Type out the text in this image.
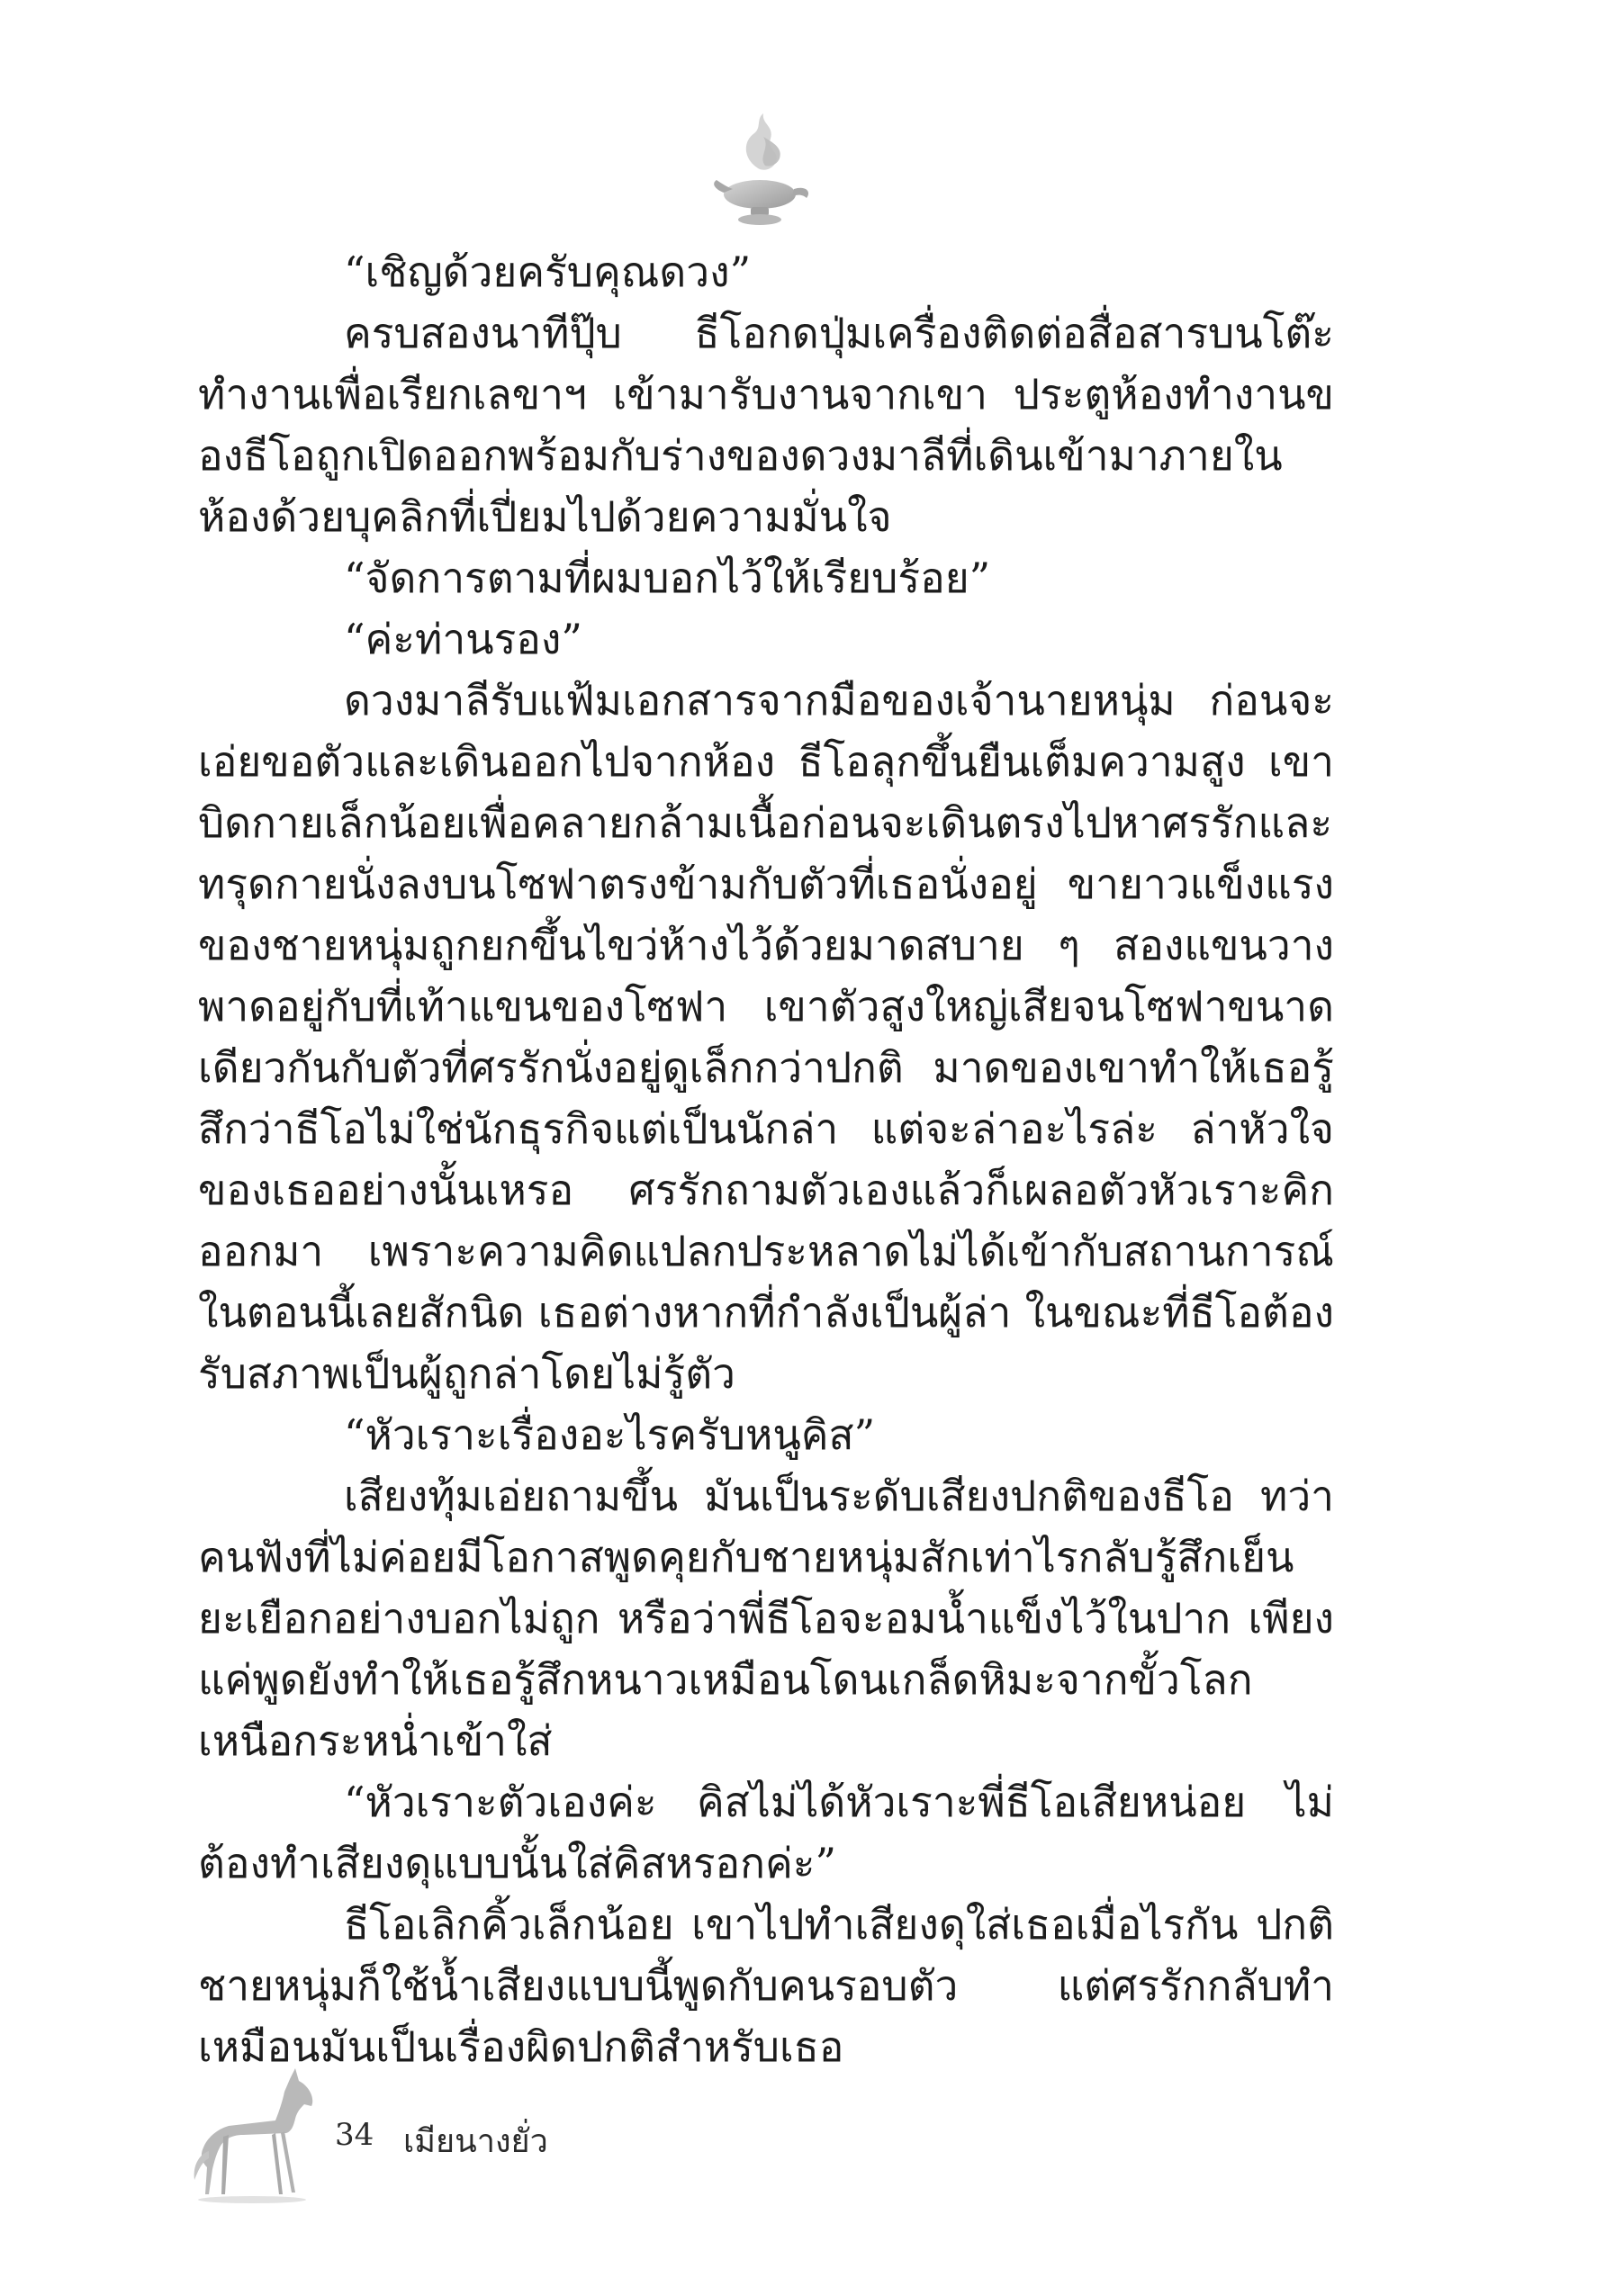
“เชิญด้วยครับคุณดวง”

ครบสองนาทีปุ๊บ ธีโอกดปุ่มเครื่องติดต่อสื่อสารบนโต๊ะทำงานเพื่อเรียกเลขาฯ เข้ามารับงานจากเขา ประตูห้องทำงานของธีโอถูกเปิดออกพร้อมกับร่างของดวงมาลีที่เดินเข้ามาภายในห้องด้วยบุคลิกที่เปี่ยมไปด้วยความมั่นใจ

“จัดการตามที่ผมบอกไว้ให้เรียบร้อย”

“ค่ะท่านรอง”

ดวงมาลีรับแฟ้มเอกสารจากมือของเจ้านายหนุ่ม ก่อนจะเอ่ยขอตัวและเดินออกไปจากห้อง ธีโอลุกขึ้นยืนเต็มความสูง เขาบิดกายเล็กน้อยเพื่อคลายกล้ามเนื้อก่อนจะเดินตรงไปหาศรรักและทรุดกายนั่งลงบนโซฟาตรงข้ามกับตัวที่เธอนั่งอยู่ ขายาวแข็งแรงของชายหนุ่มถูกยกขึ้นไขว่ห้างไว้ด้วยมาดสบาย ๆ สองแขนวางพาดอยู่กับที่เท้าแขนของโซฟา เขาตัวสูงใหญ่เสียจนโซฟาขนาดเดียวกันกับตัวที่ศรรักนั่งอยู่ดูเล็กกว่าปกติ มาดของเขาทำให้เธอรู้สึกว่าธีโอไม่ใช่นักธุรกิจแต่เป็นนักล่า แต่จะล่าอะไรล่ะ ล่าหัวใจของเธออย่างนั้นเหรอ ศรรักถามตัวเองแล้วก็เผลอตัวหัวเราะคิกออกมา เพราะความคิดแปลกประหลาดไม่ได้เข้ากับสถานการณ์ในตอนนี้เลยสักนิด เธอต่างหากที่กำลังเป็นผู้ล่า ในขณะที่ธีโอต้องรับสภาพเป็นผู้ถูกล่าโดยไม่รู้ตัว

“หัวเราะเรื่องอะไรครับหนูคิส”

เสียงทุ้มเอ่ยถามขึ้น มันเป็นระดับเสียงปกติของธีโอ ทว่าคนฟังที่ไม่ค่อยมีโอกาสพูดคุยกับชายหนุ่มสักเท่าไรกลับรู้สึกเย็นยะเยือกอย่างบอกไม่ถูก หรือว่าพี่ธีโอจะอมน้ำแข็งไว้ในปาก เพียงแค่พูดยังทำให้เธอรู้สึกหนาวเหมือนโดนเกล็ดหิมะจากขั้วโลกเหนือกระหน่ำเข้าใส่

“หัวเราะตัวเองค่ะ คิสไม่ได้หัวเราะพี่ธีโอเสียหน่อย ไม่ต้องทำเสียงดุแบบนั้นใส่คิสหรอกค่ะ”

ธีโอเลิกคิ้วเล็กน้อย เขาไปทำเสียงดุใส่เธอเมื่อไรกัน ปกติชายหนุ่มก็ใช้น้ำเสียงแบบนี้พูดกับคนรอบตัว แต่ศรรักกลับทำเหมือนมันเป็นเรื่องผิดปกติสำหรับเธอ

34 เมียนางยั่ว
